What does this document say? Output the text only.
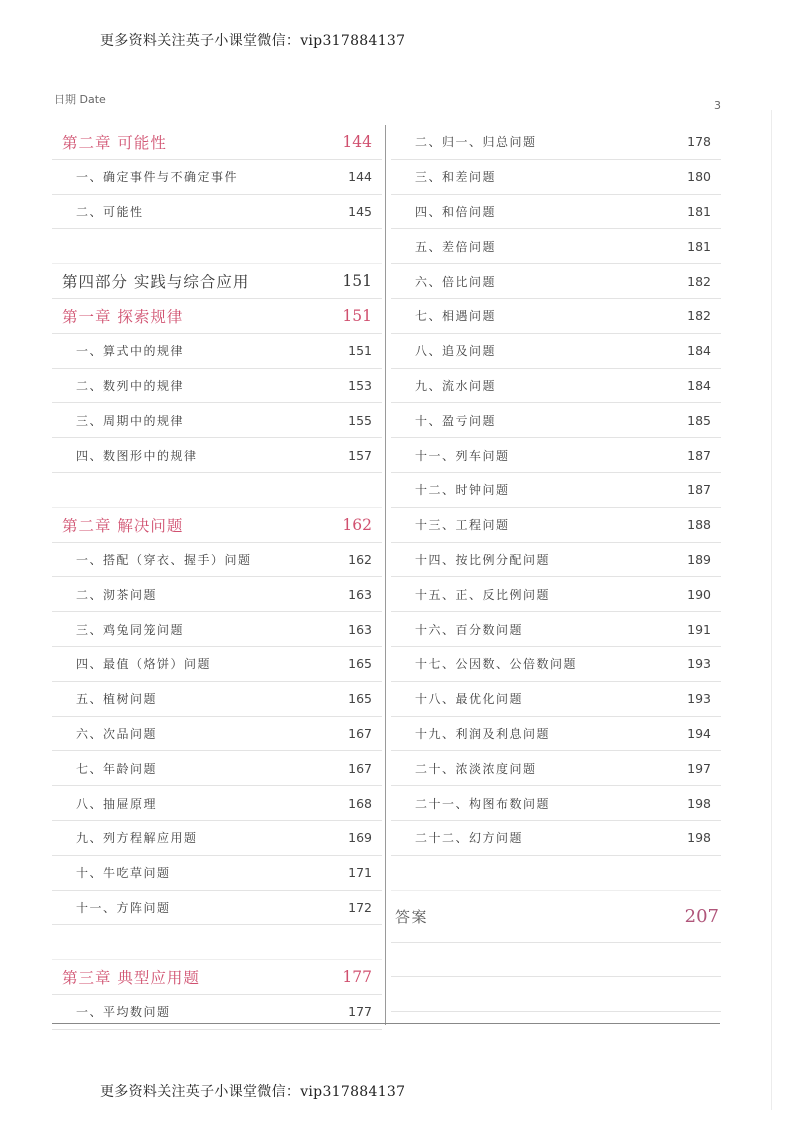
更多资料关注英子小课堂微信：vip317884137
日期 Date	3
第二章 可能性	144
一、确定事件与不确定事件	144
二、可能性	145
第四部分 实践与综合应用	151
第一章 探索规律	151
一、算式中的规律	151
二、数列中的规律	153
三、周期中的规律	155
四、数图形中的规律	157
第二章 解决问题	162
一、搭配（穿衣、握手）问题	162
二、沏茶问题	163
三、鸡兔同笼问题	163
四、最值（烙饼）问题	165
五、植树问题	165
六、次品问题	167
七、年龄问题	167
八、抽屉原理	168
九、列方程解应用题	169
十、牛吃草问题	171
十一、方阵问题	172
第三章 典型应用题	177
一、平均数问题	177
二、归一、归总问题	178
三、和差问题	180
四、和倍问题	181
五、差倍问题	181
六、倍比问题	182
七、相遇问题	182
八、追及问题	184
九、流水问题	184
十、盈亏问题	185
十一、列车问题	187
十二、时钟问题	187
十三、工程问题	188
十四、按比例分配问题	189
十五、正、反比例问题	190
十六、百分数问题	191
十七、公因数、公倍数问题	193
十八、最优化问题	193
十九、利润及利息问题	194
二十、浓淡浓度问题	197
二十一、构图布数问题	198
二十二、幻方问题	198
答案	207
更多资料关注英子小课堂微信：vip317884137
